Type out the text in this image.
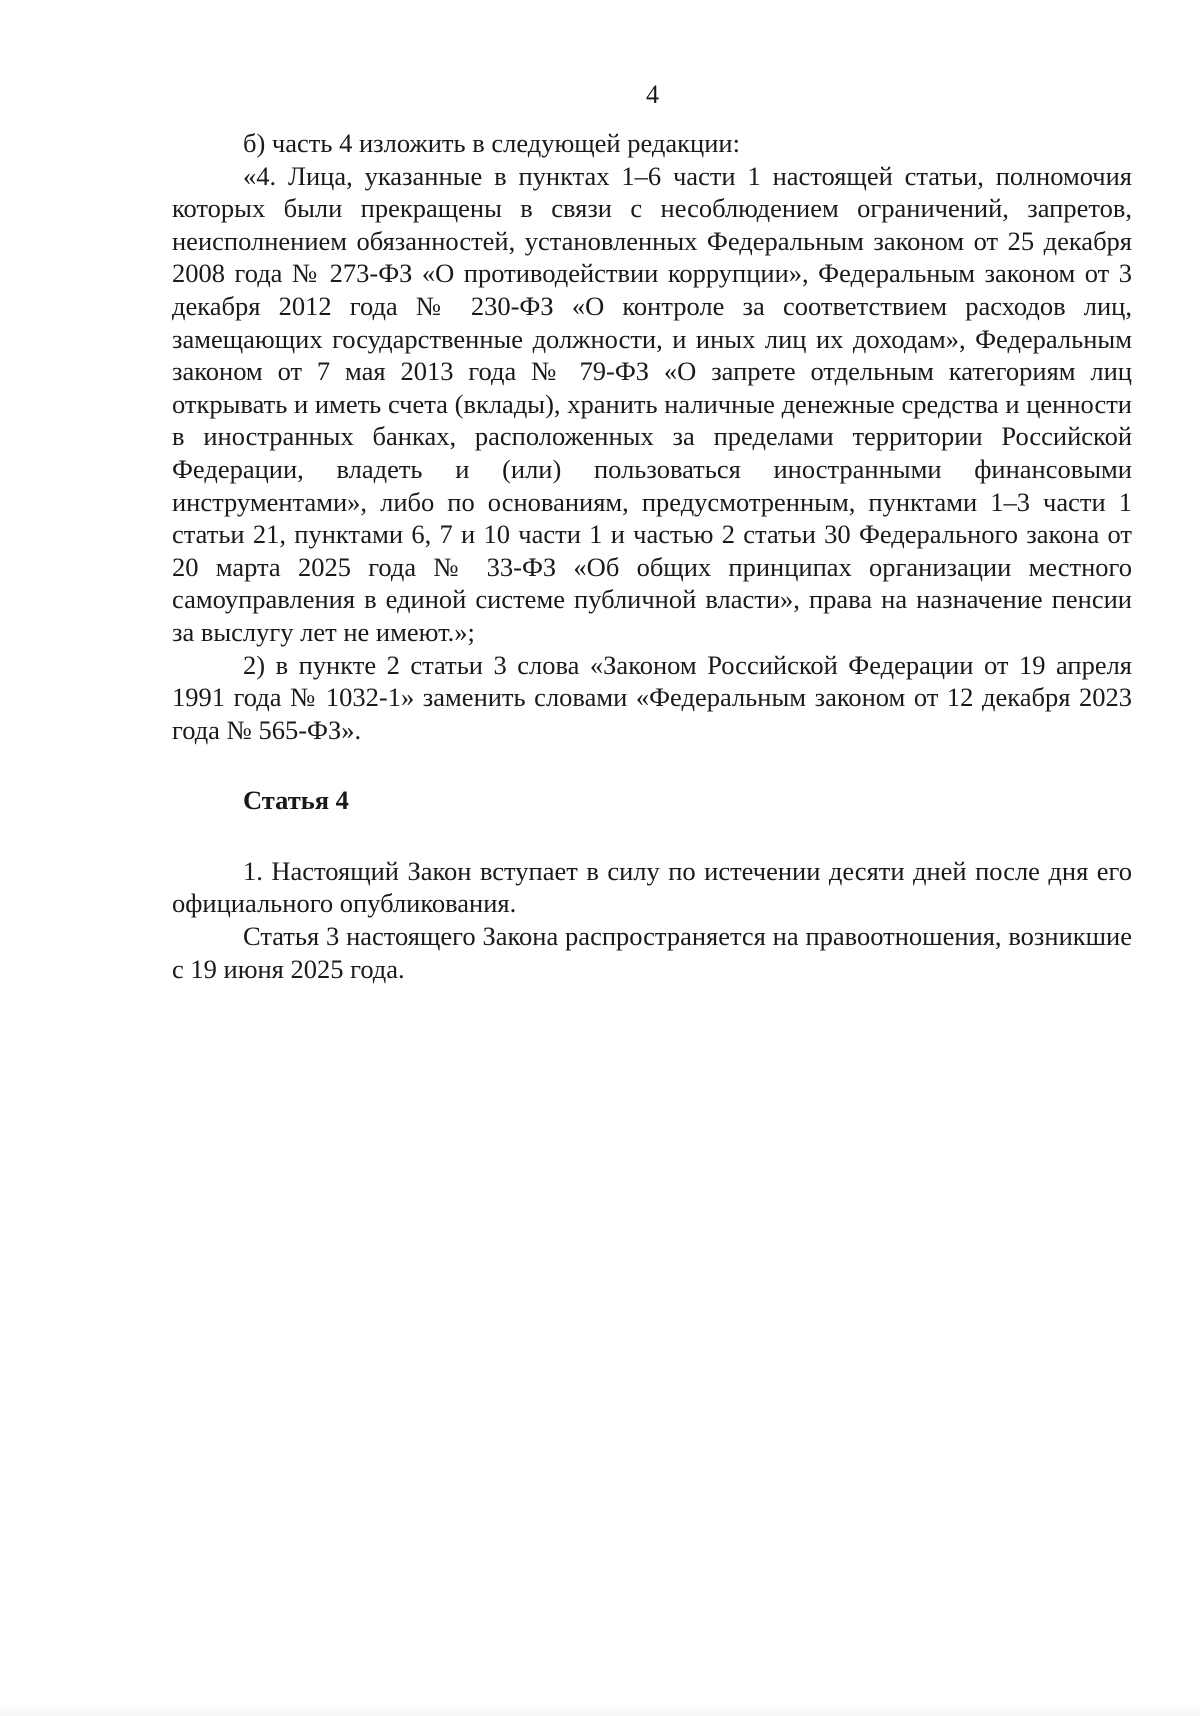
4

б) часть 4 изложить в следующей редакции:

«4. Лица, указанные в пунктах 1–6 части 1 настоящей статьи, полномочия которых были прекращены в связи с несоблюдением ограничений, запретов, неисполнением обязанностей, установленных Федеральным законом от 25 декабря 2008 года № 273-ФЗ «О противодействии коррупции», Федеральным законом от 3 декабря 2012 года № 230-ФЗ «О контроле за соответствием расходов лиц, замещающих государственные должности, и иных лиц их доходам», Федеральным законом от 7 мая 2013 года № 79-ФЗ «О запрете отдельным категориям лиц открывать и иметь счета (вклады), хранить наличные денежные средства и ценности в иностранных банках, расположенных за пределами территории Российской Федерации, владеть и (или) пользоваться иностранными финансовыми инструментами», либо по основаниям, предусмотренным, пунктами 1–3 части 1 статьи 21, пунктами 6, 7 и 10 части 1 и частью 2 статьи 30 Федерального закона от 20 марта 2025 года № 33-ФЗ «Об общих принципах организации местного самоуправления в единой системе публичной власти», права на назначение пенсии за выслугу лет не имеют.»;

2) в пункте 2 статьи 3 слова «Законом Российской Федерации от 19 апреля 1991 года № 1032-1» заменить словами «Федеральным законом от 12 декабря 2023 года № 565-ФЗ».

Статья 4

1. Настоящий Закон вступает в силу по истечении десяти дней после дня его официального опубликования.

Статья 3 настоящего Закона распространяется на правоотношения, возникшие с 19 июня 2025 года.
